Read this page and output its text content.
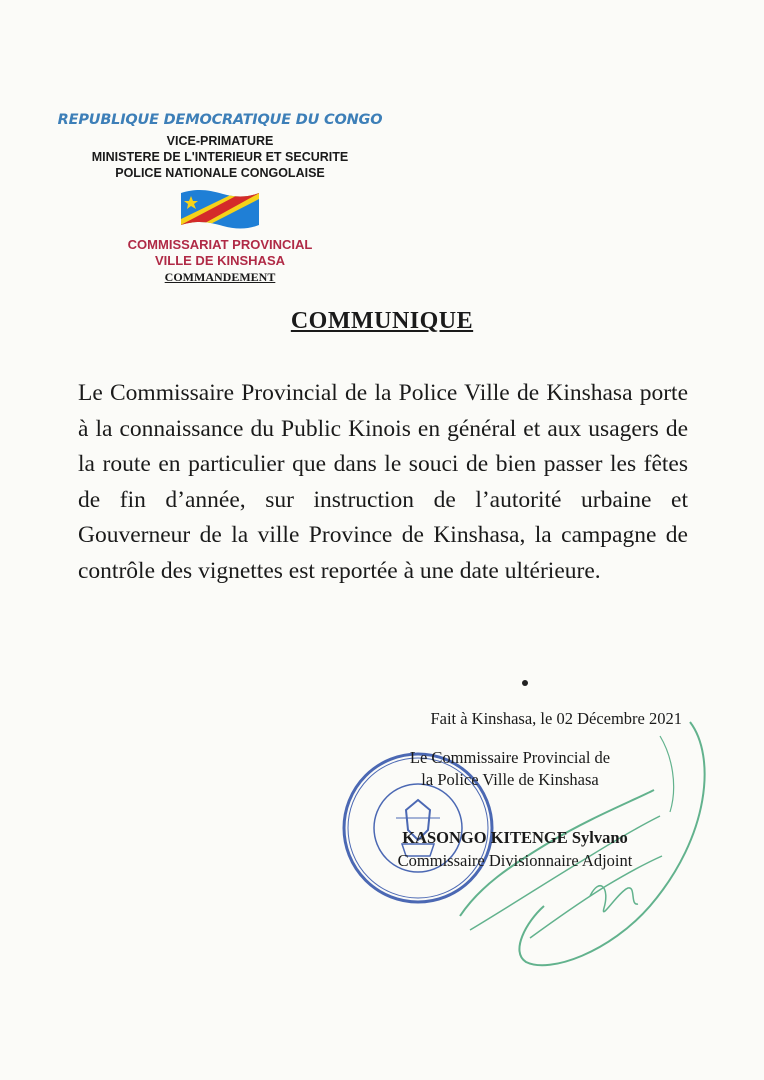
REPUBLIQUE DEMOCRATIQUE DU CONGO
VICE-PRIMATURE
MINISTERE DE L'INTERIEUR ET SECURITE
POLICE NATIONALE CONGOLAISE
COMMISSARIAT PROVINCIAL
VILLE DE KINSHASA
COMMANDEMENT
COMMUNIQUE
Le Commissaire Provincial de la Police Ville de Kinshasa porte à la connaissance du Public Kinois en général et aux usagers de la route en particulier que dans le souci de bien passer les fêtes de fin d’année, sur instruction de l’autorité urbaine et Gouverneur de la ville Province de Kinshasa, la campagne de contrôle des vignettes est reportée à une date ultérieure.
Fait à Kinshasa, le 02 Décembre 2021
Le Commissaire Provincial de
la Police Ville de Kinshasa
KASONGO KITENGE Sylvano
Commissaire Divisionnaire Adjoint
